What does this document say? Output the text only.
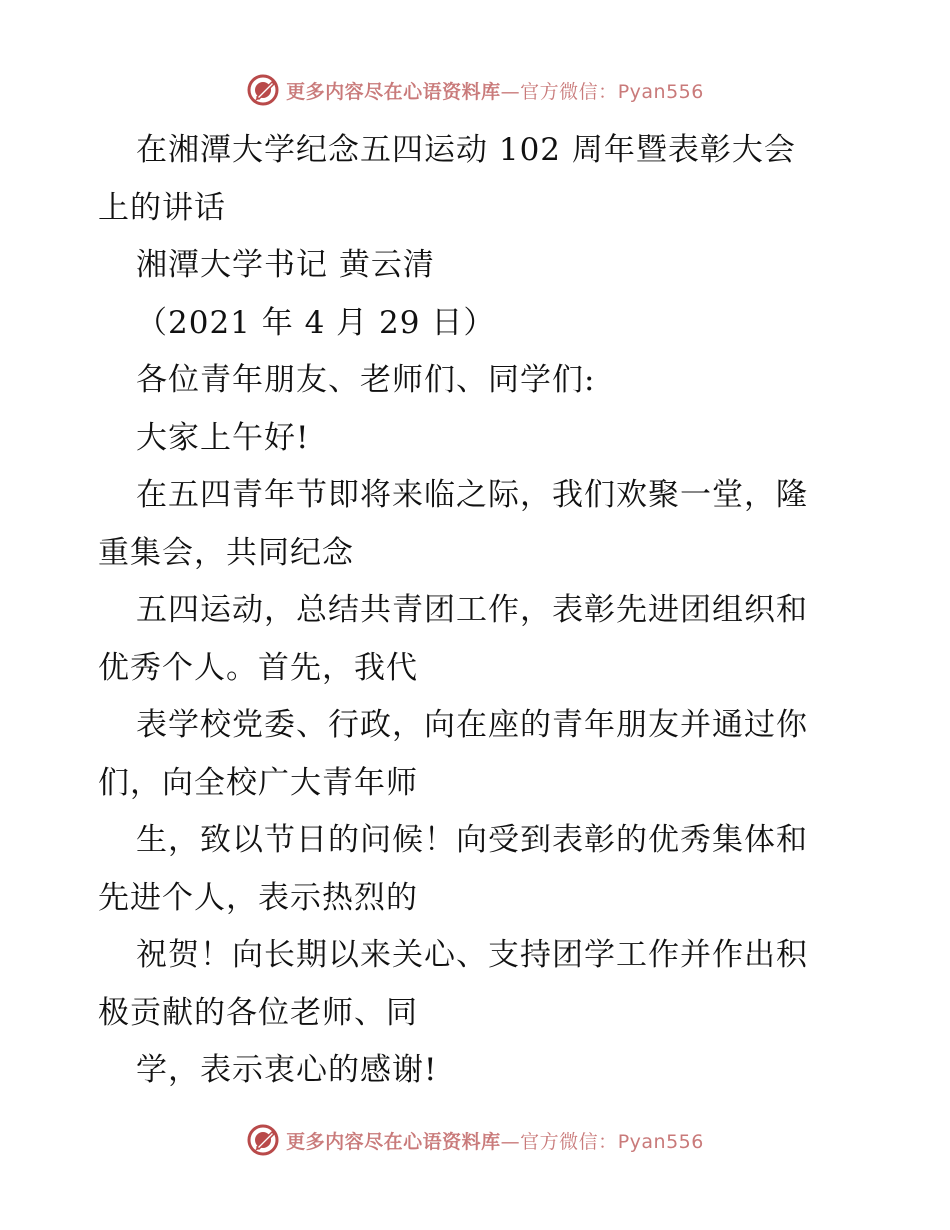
更多内容尽在心语资料库—官方微信：Pyan556
在湘潭大学纪念五四运动 102 周年暨表彰大会
上的讲话
湘潭大学书记 黄云清
（2021 年 4 月 29 日）
各位青年朋友、老师们、同学们:
大家上午好!
在五四青年节即将来临之际，我们欢聚一堂，隆
重集会，共同纪念
五四运动，总结共青团工作，表彰先进团组织和
优秀个人。首先，我代
表学校党委、行政，向在座的青年朋友并通过你
们，向全校广大青年师
生，致以节日的问候！向受到表彰的优秀集体和
先进个人，表示热烈的
祝贺！向长期以来关心、支持团学工作并作出积
极贡献的各位老师、同
学，表示衷心的感谢!
更多内容尽在心语资料库—官方微信：Pyan556
